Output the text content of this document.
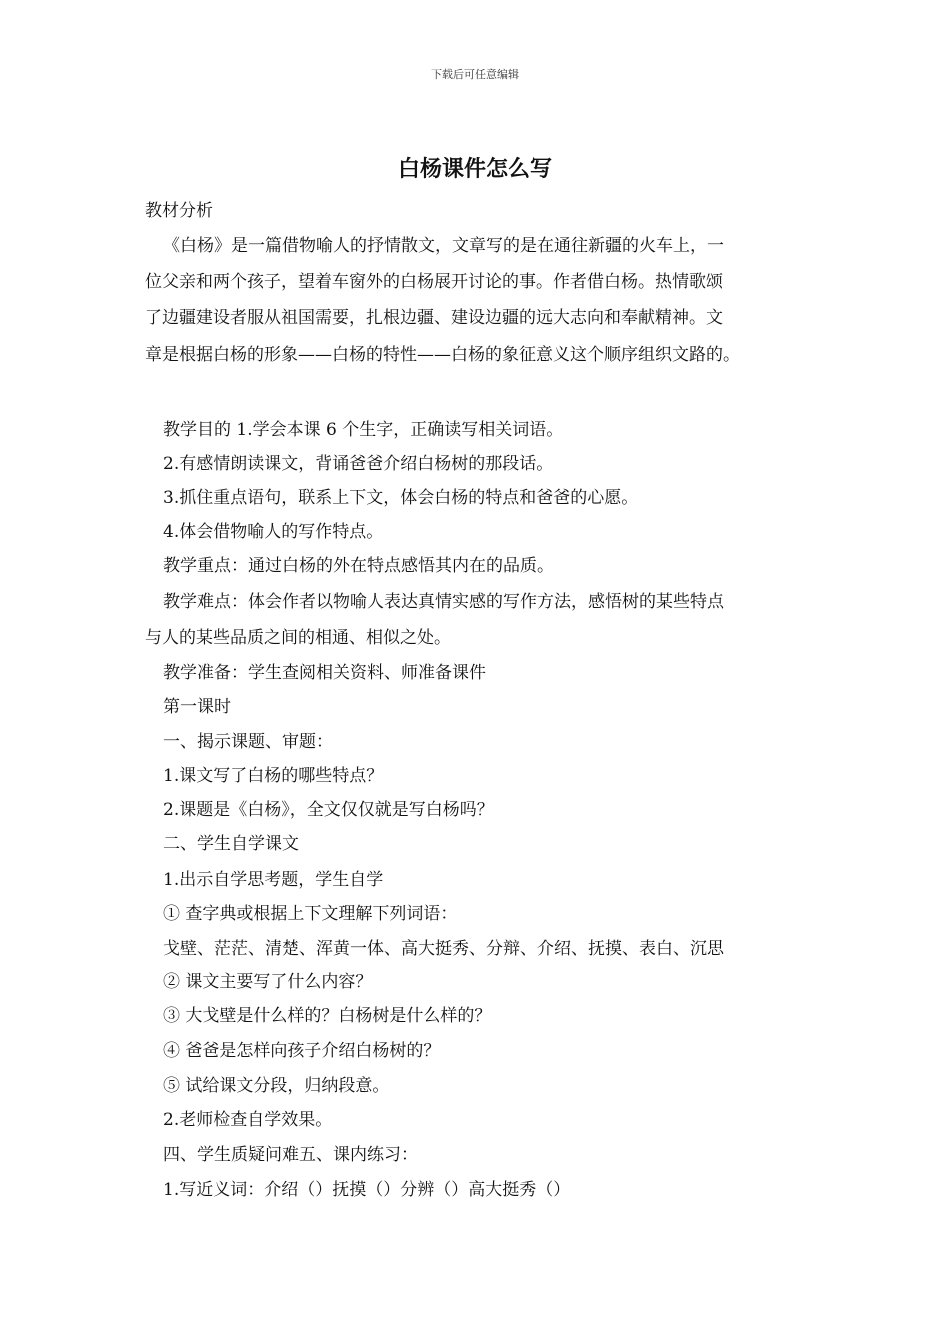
下载后可任意编辑
白杨课件怎么写
教材分析
《白杨》是一篇借物喻人的抒情散文，文章写的是在通往新疆的火车上，一
位父亲和两个孩子，望着车窗外的白杨展开讨论的事。作者借白杨。热情歌颂
了边疆建设者服从祖国需要，扎根边疆、建设边疆的远大志向和奉献精神。文
章是根据白杨的形象——白杨的特性——白杨的象征意义这个顺序组织文路的。
教学目的 1.学会本课 6 个生字，正确读写相关词语。
2.有感情朗读课文，背诵爸爸介绍白杨树的那段话。
3.抓住重点语句，联系上下文，体会白杨的特点和爸爸的心愿。
4.体会借物喻人的写作特点。
教学重点：通过白杨的外在特点感悟其内在的品质。
教学难点：体会作者以物喻人表达真情实感的写作方法，感悟树的某些特点
与人的某些品质之间的相通、相似之处。
教学准备：学生查阅相关资料、师准备课件
第一课时
一、揭示课题、审题：
1.课文写了白杨的哪些特点？
2.课题是《白杨》，全文仅仅就是写白杨吗？
二、学生自学课文
1.出示自学思考题，学生自学
① 查字典或根据上下文理解下列词语：
戈壁、茫茫、清楚、浑黄一体、高大挺秀、分辩、介绍、抚摸、表白、沉思
② 课文主要写了什么内容？
③ 大戈壁是什么样的？白杨树是什么样的？
④ 爸爸是怎样向孩子介绍白杨树的？
⑤ 试给课文分段，归纳段意。
2.老师检查自学效果。
四、学生质疑问难五、课内练习：
1.写近义词：介绍（）抚摸（）分辨（）高大挺秀（）
